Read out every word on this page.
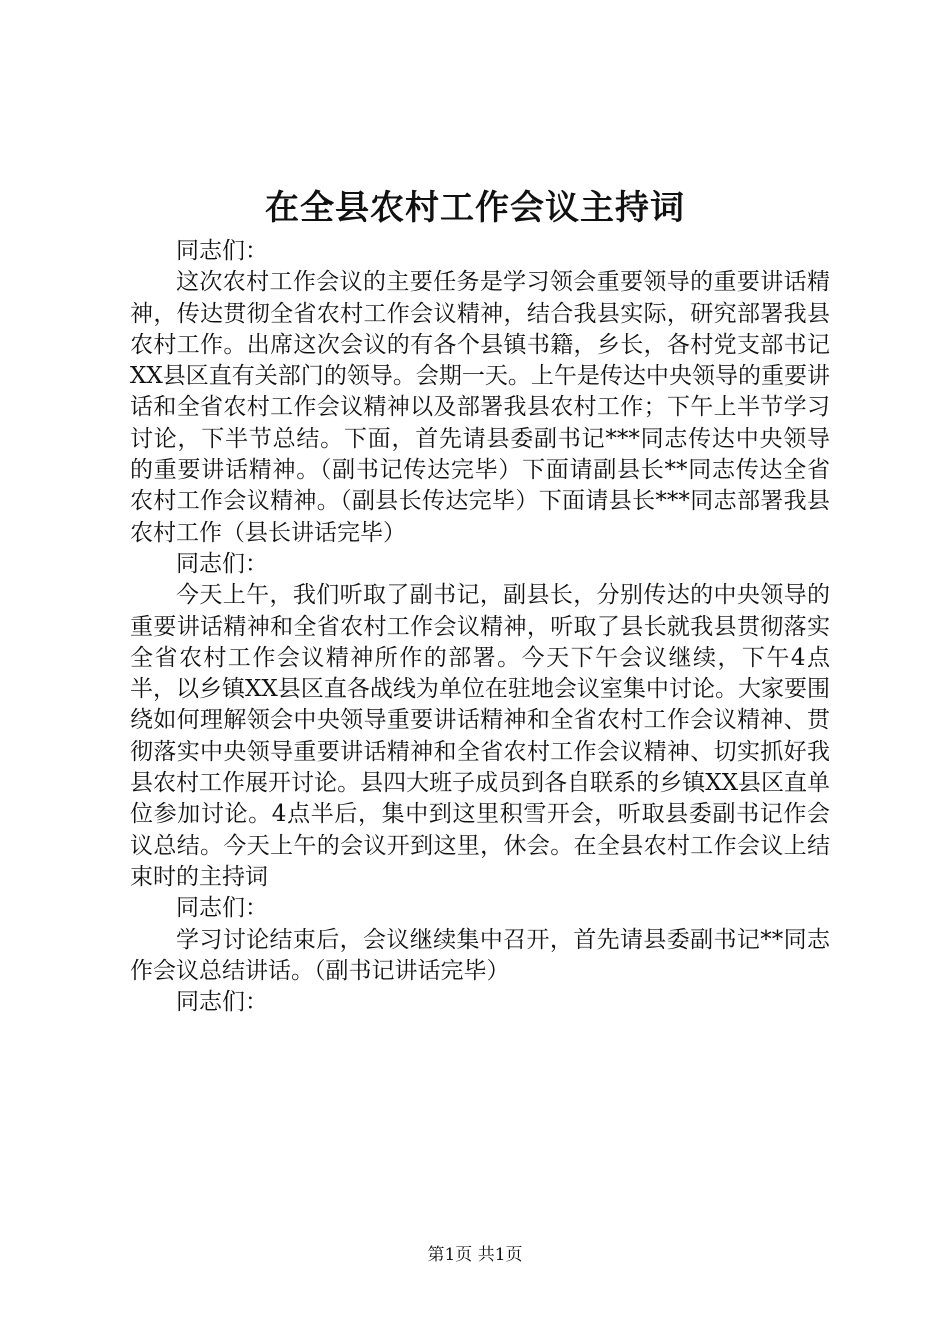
在全县农村工作会议主持词

同志们：

这次农村工作会议的主要任务是学习领会重要领导的重要讲话精神，传达贯彻全省农村工作会议精神，结合我县实际，研究部署我县农村工作。出席这次会议的有各个县镇书籍，乡长，各村党支部书记XX县区直有关部门的领导。会期一天。上午是传达中央领导的重要讲话和全省农村工作会议精神以及部署我县农村工作；下午上半节学习讨论，下半节总结。下面，首先请县委副书记***同志传达中央领导的重要讲话精神。（副书记传达完毕）下面请副县长**同志传达全省农村工作会议精神。（副县长传达完毕）下面请县长***同志部署我县农村工作（县长讲话完毕）

同志们：

今天上午，我们听取了副书记，副县长，分别传达的中央领导的重要讲话精神和全省农村工作会议精神，听取了县长就我县贯彻落实全省农村工作会议精神所作的部署。今天下午会议继续，下午4点半，以乡镇XX县区直各战线为单位在驻地会议室集中讨论。大家要围绕如何理解领会中央领导重要讲话精神和全省农村工作会议精神、贯彻落实中央领导重要讲话精神和全省农村工作会议精神、切实抓好我县农村工作展开讨论。县四大班子成员到各自联系的乡镇XX县区直单位参加讨论。4点半后，集中到这里积雪开会，听取县委副书记作会议总结。今天上午的会议开到这里，休会。在全县农村工作会议上结束时的主持词

同志们：

学习讨论结束后，会议继续集中召开，首先请县委副书记**同志作会议总结讲话。（副书记讲话完毕）

同志们：

第1页 共1页
